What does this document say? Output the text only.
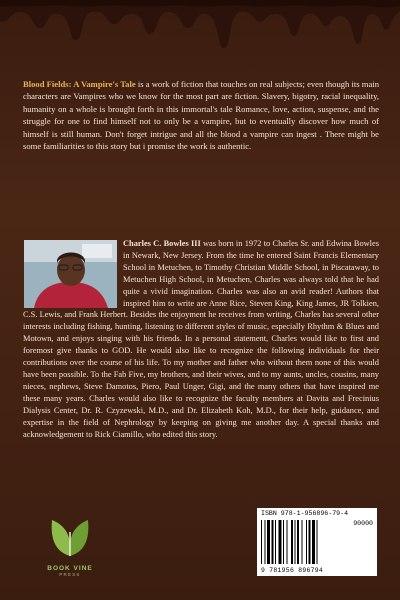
Blood Fields: A Vampire's Tale is a work of fiction that touches on real subjects; even though its main characters are Vampires who we know for the most part are fiction. Slavery, bigotry, racial inequality, humanity on a whole is brought forth in this immortal's tale Romance, love, action, suspense, and the struggle for one to find himself not to only be a vampire, but to eventually discover how much of himself is still human. Don't forget intrigue and all the blood a vampire can ingest . There might be some familiarities to this story but i promise the work is authentic.
Charles C. Bowles III was born in 1972 to Charles Sr. and Edwina Bowles in Newark, New Jersey. From the time he entered Saint Francis Elementary School in Metuchen, to Timothy Christian Middle School, in Piscataway, to Metuchen High School, in Metuchen, Charles was always told that he had quite a vivid imagination. Charles was also an avid reader! Authors that inspired him to write are Anne Rice, Steven King, King James, JR Tolkien, C.S. Lewis, and Frank Herbert. Besides the enjoyment he receives from writing, Charles has several other interests including fishing, hunting, listening to different styles of music, especially Rhythm & Blues and Motown, and enjoys singing with his friends. In a personal statement, Charles would like to first and foremost give thanks to GOD. He would also like to recognize the following individuals for their contributions over the course of his life. To my mother and father who without them none of this would have been possible. To the Fab Five, my brothers, and their wives, and to my aunts, uncles, cousins, many nieces, nephews, Steve Damotos, Piero, Paul Unger, Gigi, and the many others that have inspired me these many years. Charles would also like to recognize the faculty members at Davita and Frecinius Dialysis Center, Dr. R. Czyzewski, M.D., and Dr. Elizabeth Koh, M.D., for their help, guidance, and expertise in the field of Nephrology by keeping on giving me another day. A special thanks and acknowledgement to Rick Ciamillo, who edited this story.
BOOK VINE
PRESS
ISBN 978-1-956896-79-4
90000
9 781956 896794
